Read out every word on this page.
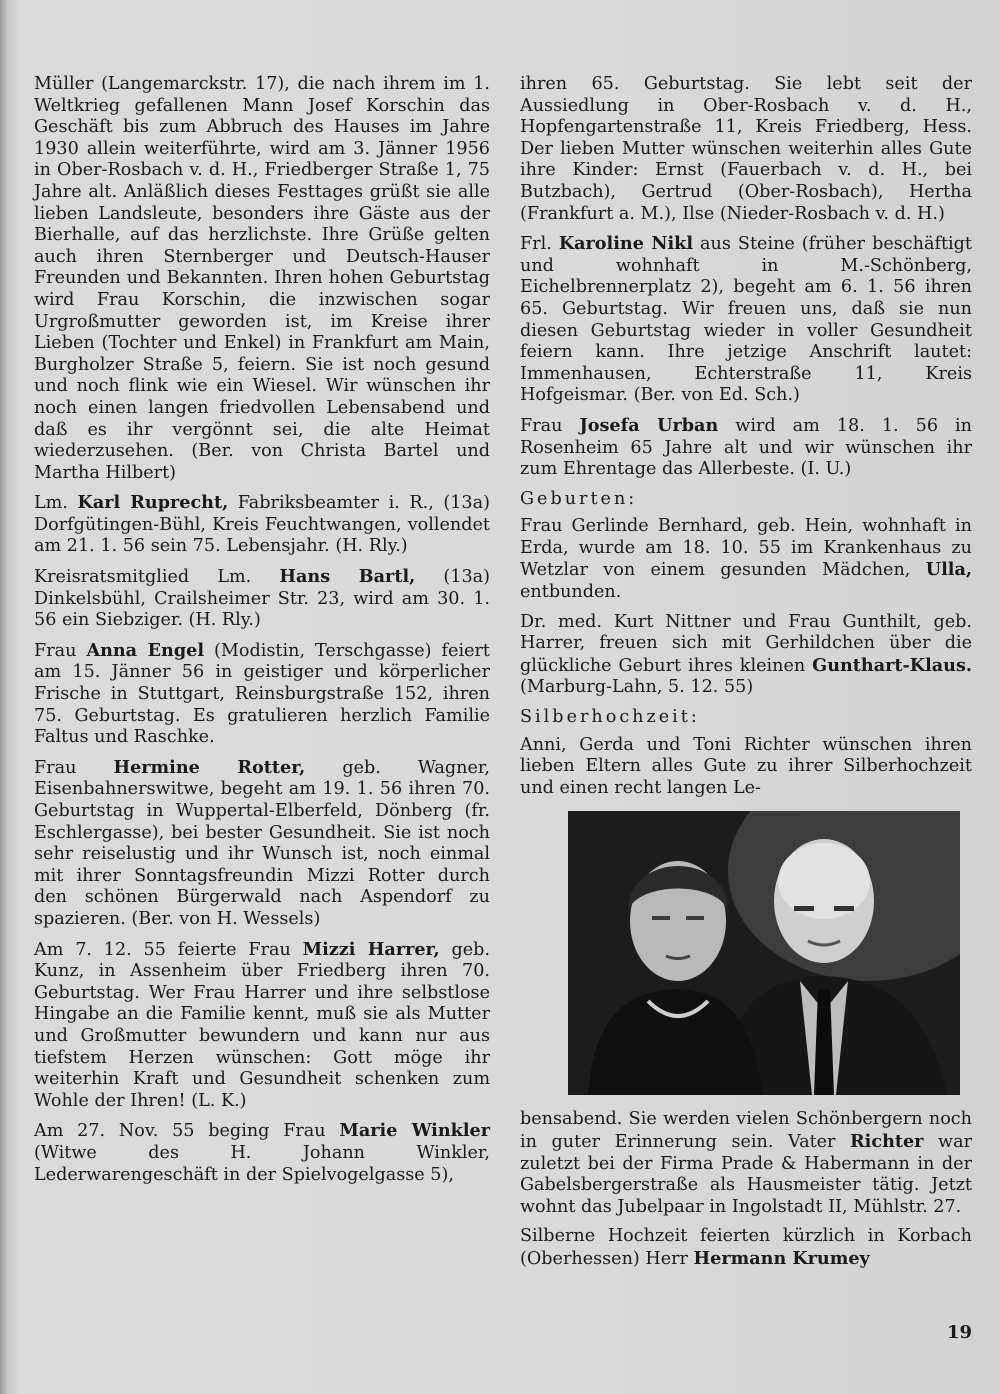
Müller (Langemarckstr. 17), die nach ihrem im 1. Weltkrieg gefallenen Mann Josef Korschin das Geschäft bis zum Abbruch des Hauses im Jahre 1930 allein weiterführte, wird am 3. Jänner 1956 in Ober-Rosbach v. d. H., Friedberger Straße 1, 75 Jahre alt. Anläßlich dieses Festtages grüßt sie alle lieben Landsleute, besonders ihre Gäste aus der Bierhalle, auf das herzlichste. Ihre Grüße gelten auch ihren Sternberger und Deutsch-Hauser Freunden und Bekannten. Ihren hohen Geburtstag wird Frau Korschin, die inzwischen sogar Urgroßmutter geworden ist, im Kreise ihrer Lieben (Tochter und Enkel) in Frankfurt am Main, Burgholzer Straße 5, feiern. Sie ist noch gesund und noch flink wie ein Wiesel. Wir wünschen ihr noch einen langen friedvollen Lebensabend und daß es ihr vergönnt sei, die alte Heimat wiederzusehen. (Ber. von Christa Bartel und Martha Hilbert)

Lm. Karl Ruprecht, Fabriksbeamter i. R., (13a) Dorfgütingen-Bühl, Kreis Feuchtwangen, vollendet am 21. 1. 56 sein 75. Lebensjahr. (H. Rly.)

Kreisratsmitglied Lm. Hans Bartl, (13a) Dinkelsbühl, Crailsheimer Str. 23, wird am 30. 1. 56 ein Siebziger. (H. Rly.)

Frau Anna Engel (Modistin, Terschgasse) feiert am 15. Jänner 56 in geistiger und körperlicher Frische in Stuttgart, Reinsburgstraße 152, ihren 75. Geburtstag. Es gratulieren herzlich Familie Faltus und Raschke.

Frau Hermine Rotter, geb. Wagner, Eisenbahnerswitwe, begeht am 19. 1. 56 ihren 70. Geburtstag in Wuppertal-Elberfeld, Dönberg (fr. Eschlergasse), bei bester Gesundheit. Sie ist noch sehr reiselustig und ihr Wunsch ist, noch einmal mit ihrer Sonntagsfreundin Mizzi Rotter durch den schönen Bürgerwald nach Aspendorf zu spazieren. (Ber. von H. Wessels)

Am 7. 12. 55 feierte Frau Mizzi Harrer, geb. Kunz, in Assenheim über Friedberg ihren 70. Geburtstag. Wer Frau Harrer und ihre selbstlose Hingabe an die Familie kennt, muß sie als Mutter und Großmutter bewundern und kann nur aus tiefstem Herzen wünschen: Gott möge ihr weiterhin Kraft und Gesundheit schenken zum Wohle der Ihren! (L. K.)

Am 27. Nov. 55 beging Frau Marie Winkler (Witwe des H. Johann Winkler, Lederwarengeschäft in der Spielvogelgasse 5),

ihren 65. Geburtstag. Sie lebt seit der Aussiedlung in Ober-Rosbach v. d. H., Hopfengartenstraße 11, Kreis Friedberg, Hess. Der lieben Mutter wünschen weiterhin alles Gute ihre Kinder: Ernst (Fauerbach v. d. H., bei Butzbach), Gertrud (Ober-Rosbach), Hertha (Frankfurt a. M.), Ilse (Nieder-Rosbach v. d. H.)

Frl. Karoline Nikl aus Steine (früher beschäftigt und wohnhaft in M.-Schönberg, Eichelbrennerplatz 2), begeht am 6. 1. 56 ihren 65. Geburtstag. Wir freuen uns, daß sie nun diesen Geburtstag wieder in voller Gesundheit feiern kann. Ihre jetzige Anschrift lautet: Immenhausen, Echterstraße 11, Kreis Hofgeismar. (Ber. von Ed. Sch.)

Frau Josefa Urban wird am 18. 1. 56 in Rosenheim 65 Jahre alt und wir wünschen ihr zum Ehrentage das Allerbeste. (I. U.)

Geburten:

Frau Gerlinde Bernhard, geb. Hein, wohnhaft in Erda, wurde am 18. 10. 55 im Krankenhaus zu Wetzlar von einem gesunden Mädchen, Ulla, entbunden.

Dr. med. Kurt Nittner und Frau Gunthilt, geb. Harrer, freuen sich mit Gerhildchen über die glückliche Geburt ihres kleinen Gunthart-Klaus. (Marburg-Lahn, 5. 12. 55)

Silberhochzeit:

Anni, Gerda und Toni Richter wünschen ihren lieben Eltern alles Gute zu ihrer Silberhochzeit und einen recht langen Le-

bensabend. Sie werden vielen Schönbergern noch in guter Erinnerung sein. Vater Richter war zuletzt bei der Firma Prade & Habermann in der Gabelsbergerstraße als Hausmeister tätig. Jetzt wohnt das Jubelpaar in Ingolstadt II, Mühlstr. 27.

Silberne Hochzeit feierten kürzlich in Korbach (Oberhessen) Herr Hermann Krumey

19
